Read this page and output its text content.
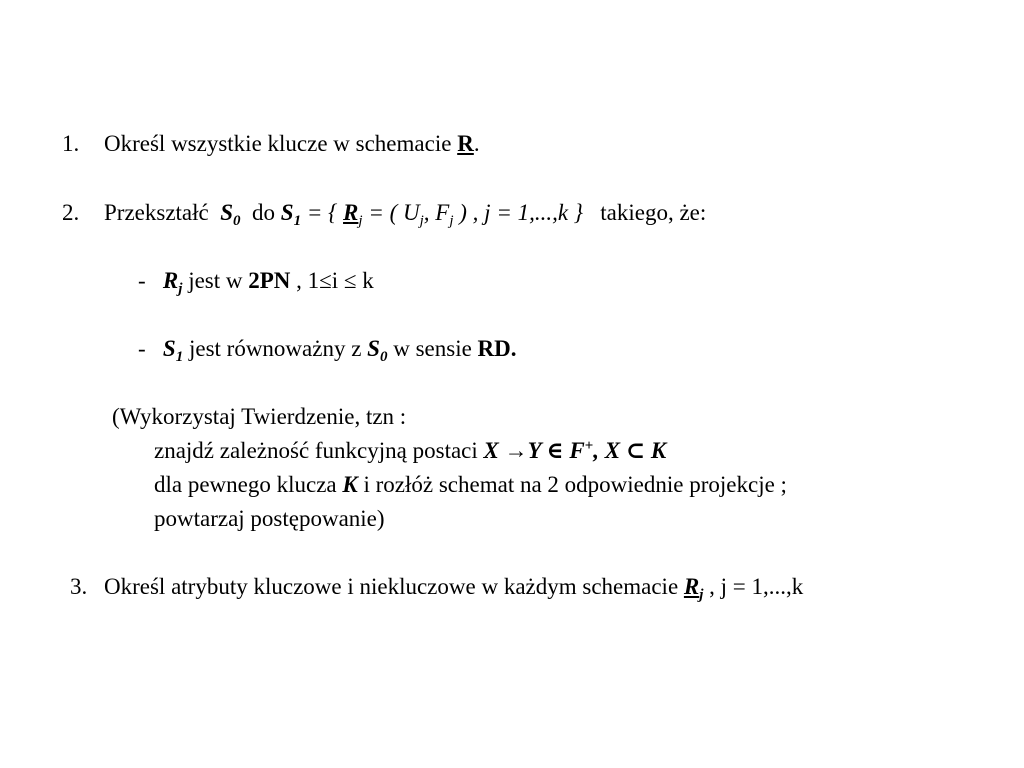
1. Określ wszystkie klucze w schemacie R.
2. Przekształć $S_0$ do $S_1$ = { $R_j$ = ( $U_j$, $F_j$ ) , j = 1,...,k } takiego, że:
- $R_j$ jest w 2PN , 1≤i ≤ k
- $S_1$ jest równoważny z $S_0$ w sensie RD.
(Wykorzystaj Twierdzenie, tzn :
znajdź zależność funkcyjną postaci X →Y ∈ F+, X ⊂ K
dla pewnego klucza K i rozłóż schemat na 2 odpowiednie projekcje ;
powtarzaj postępowanie)
3. Określ atrybuty kluczowe i niekluczowe w każdym schemacie $R_j$ , j = 1,...,k
